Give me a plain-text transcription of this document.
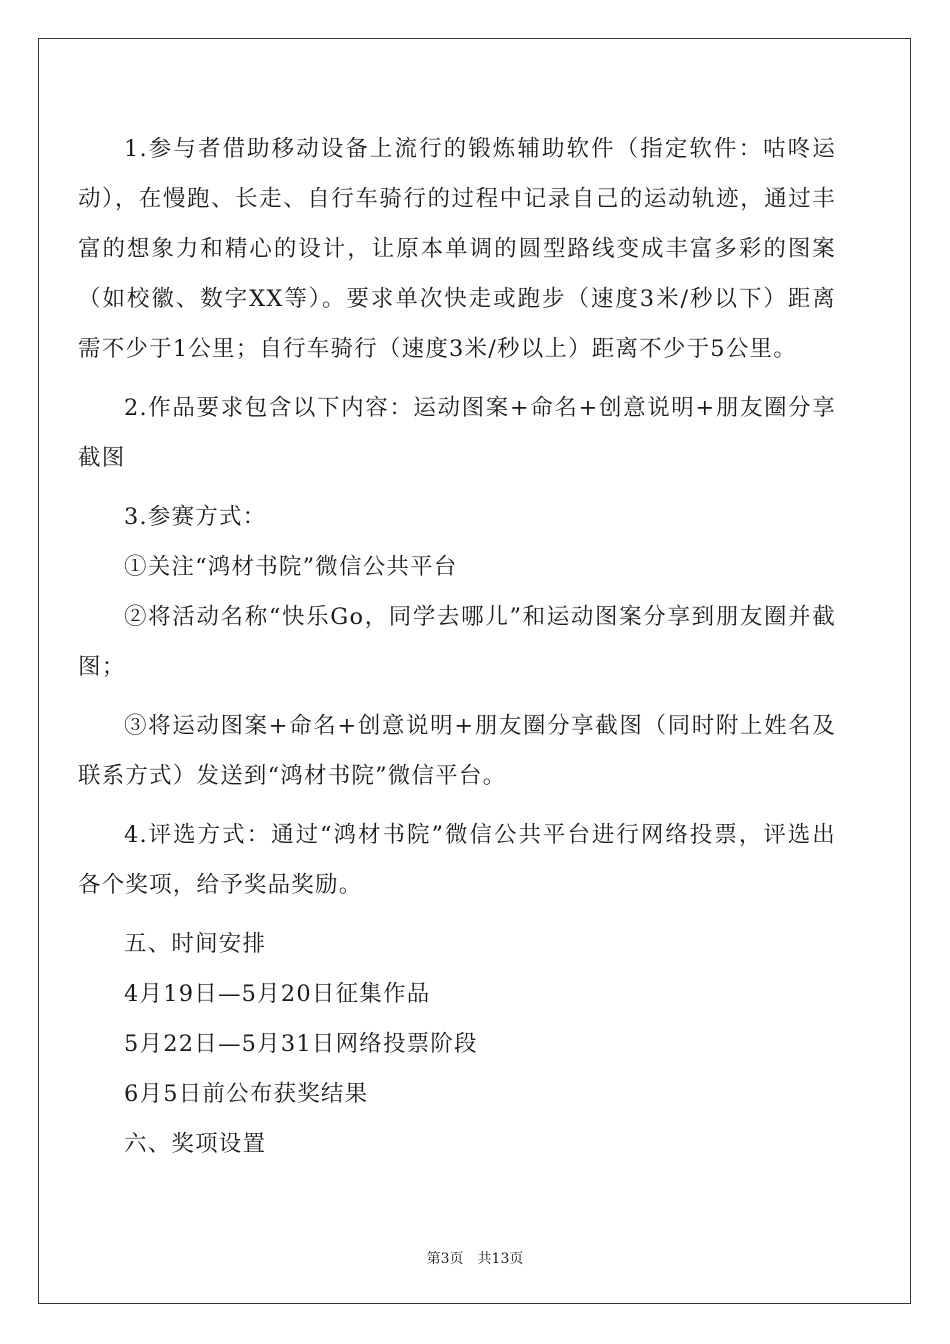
1.参与者借助移动设备上流行的锻炼辅助软件（指定软件：咕咚运动），在慢跑、长走、自行车骑行的过程中记录自己的运动轨迹，通过丰富的想象力和精心的设计，让原本单调的圆型路线变成丰富多彩的图案（如校徽、数字XX等）。要求单次快走或跑步（速度3米/秒以下）距离需不少于1公里；自行车骑行（速度3米/秒以上）距离不少于5公里。

2.作品要求包含以下内容：运动图案+命名+创意说明+朋友圈分享截图

3.参赛方式：

①关注“鸿材书院”微信公共平台

②将活动名称“快乐Go，同学去哪儿”和运动图案分享到朋友圈并截图；

③将运动图案+命名+创意说明+朋友圈分享截图（同时附上姓名及联系方式）发送到“鸿材书院”微信平台。

4.评选方式：通过“鸿材书院”微信公共平台进行网络投票，评选出各个奖项，给予奖品奖励。

五、时间安排

4月19日—5月20日征集作品

5月22日—5月31日网络投票阶段

6月5日前公布获奖结果

六、奖项设置

第3页 共13页
